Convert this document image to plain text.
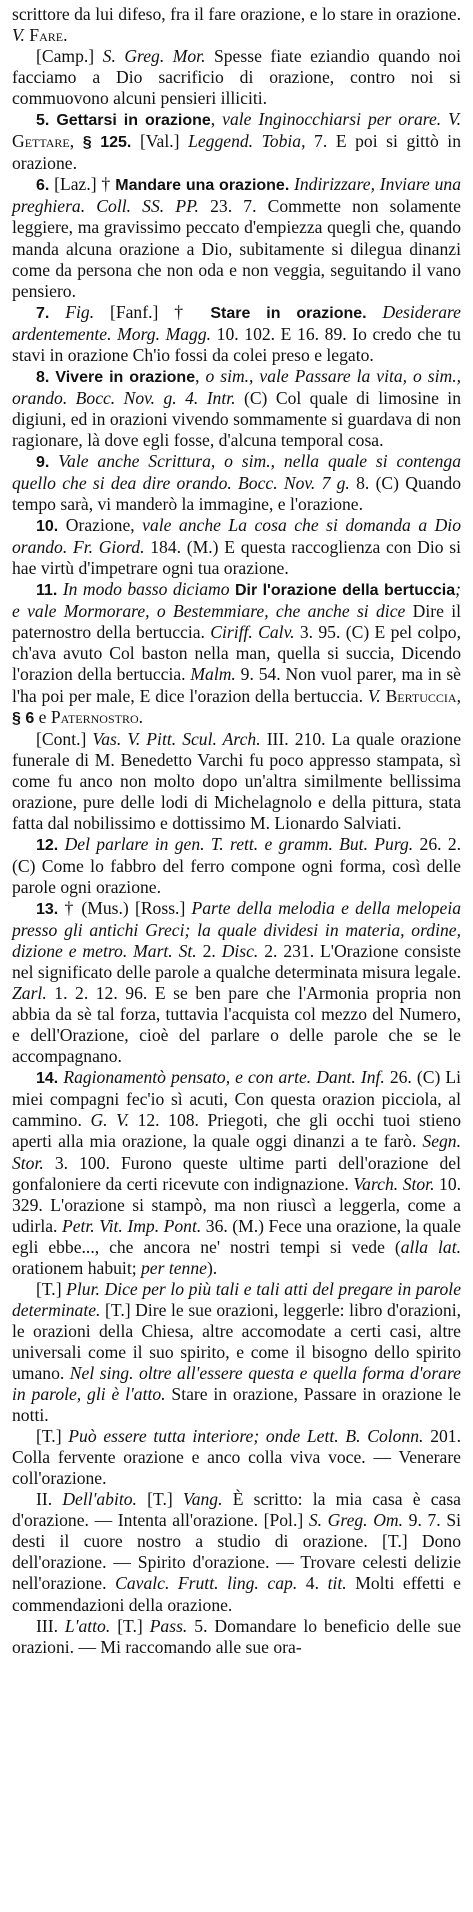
scrittore da lui difeso, fra il fare orazione, e lo stare in orazione. V. Fare.

[Camp.] S. Greg. Mor. Spesse fiate eziandio quando noi facciamo a Dio sacrificio di orazione, contro noi si commuovono alcuni pensieri illiciti.

5. Gettarsi in orazione, vale Inginocchiarsi per orare. V. Gettare, § 125. [Val.] Leggend. Tobia, 7. E poi si gittò in orazione.

6. [Laz.] † Mandare una orazione. Indirizzare, Inviare una preghiera. Coll. SS. PP. 23. 7. Commette non solamente leggiere, ma gravissimo peccato d'empiezza quegli che, quando manda alcuna orazione a Dio, subitamente si dilegua dinanzi come da persona che non oda e non veggia, seguitando il vano pensiero.

7. Fig. [Fanf.] † Stare in orazione. Desiderare ardentemente. Morg. Magg. 10. 102. E 16. 89. Io credo che tu stavi in orazione Ch'io fossi da colei preso e legato.

8. Vivere in orazione, o sim., vale Passare la vita, o sim., orando. Bocc. Nov. g. 4. Intr. (C) Col quale di limosine in digiuni, ed in orazioni vivendo sommamente si guardava di non ragionare, là dove egli fosse, d'alcuna temporal cosa.

9. Vale anche Scrittura, o sim., nella quale si contenga quello che si dea dire orando. Bocc. Nov. 7 g. 8. (C) Quando tempo sarà, vi manderò la immagine, e l'orazione.

10. Orazione, vale anche La cosa che si domanda a Dio orando. Fr. Giord. 184. (M.) E questa raccoglienza con Dio si hae virtù d'impetrare ogni tua orazione.

11. In modo basso diciamo Dir l'orazione della bertuccia; e vale Mormorare, o Bestemmiare, che anche si dice Dire il paternostro della bertuccia. Ciriff. Calv. 3. 95. (C) E pel colpo, ch'ava avuto Col baston nella man, quella si succia, Dicendo l'orazion della bertuccia. Malm. 9. 54. Non vuol parer, ma in sè l'ha poi per male, E dice l'orazion della bertuccia. V. Bertuccia, § 6 e Paternostro.

[Cont.] Vas. V. Pitt. Scul. Arch. III. 210. La quale orazione funerale di M. Benedetto Varchi fu poco appresso stampata, sì come fu anco non molto dopo un'altra similmente bellissima orazione, pure delle lodi di Michelagnolo e della pittura, stata fatta dal nobilissimo e dottissimo M. Lionardo Salviati.

12. Del parlare in gen. T. rett. e gramm. But. Purg. 26. 2. (C) Come lo fabbro del ferro compone ogni forma, così delle parole ogni orazione.

13. † (Mus.) [Ross.] Parte della melodia e della melopeia presso gli antichi Greci; la quale dividesi in materia, ordine, dizione e metro. Mart. St. 2. Disc. 2. 231. L'Orazione consiste nel significato delle parole a qualche determinata misura legale. Zarl. 1. 2. 12. 96. E se ben pare che l'Armonia propria non abbia da sè tal forza, tuttavia l'acquista col mezzo del Numero, e dell'Orazione, cioè del parlare o delle parole che se le accompagnano.

14. Ragionamentò pensato, e con arte. Dant. Inf. 26. (C) Li miei compagni fec'io sì acuti, Con questa orazion picciola, al cammino. G. V. 12. 108. Priegoti, che gli occhi tuoi stieno aperti alla mia orazione, la quale oggi dinanzi a te farò. Segn. Stor. 3. 100. Furono queste ultime parti dell'orazione del gonfaloniere da certi ricevute con indignazione. Varch. Stor. 10. 329. L'orazione si stampò, ma non riuscì a leggerla, come a udirla. Petr. Vit. Imp. Pont. 36. (M.) Fece una orazione, la quale egli ebbe..., che ancora ne' nostri tempi si vede (alla lat. orationem habuit; per tenne).

[T.] Plur. Dice per lo più tali e tali atti del pregare in parole determinate. [T.] Dire le sue orazioni, leggerle: libro d'orazioni, le orazioni della Chiesa, altre accomodate a certi casi, altre universali come il suo spirito, e come il bisogno dello spirito umano. Nel sing. oltre all'essere questa e quella forma d'orare in parole, gli è l'atto. Stare in orazione, Passare in orazione le notti.

[T.] Può essere tutta interiore; onde Lett. B. Colonn. 201. Colla fervente orazione e anco colla viva voce. — Venerare coll'orazione.

II. Dell'abito. [T.] Vang. È scritto: la mia casa è casa d'orazione. — Intenta all'orazione. [Pol.] S. Greg. Om. 9. 7. Si desti il cuore nostro a studio di orazione. [T.] Dono dell'orazione. — Spirito d'orazione. — Trovare celesti delizie nell'orazione. Cavalc. Frutt. ling. cap. 4. tit. Molti effetti e commendazioni della orazione.

III. L'atto. [T.] Pass. 5. Domandare lo beneficio delle sue orazioni. — Mi raccomando alle sue ora-
